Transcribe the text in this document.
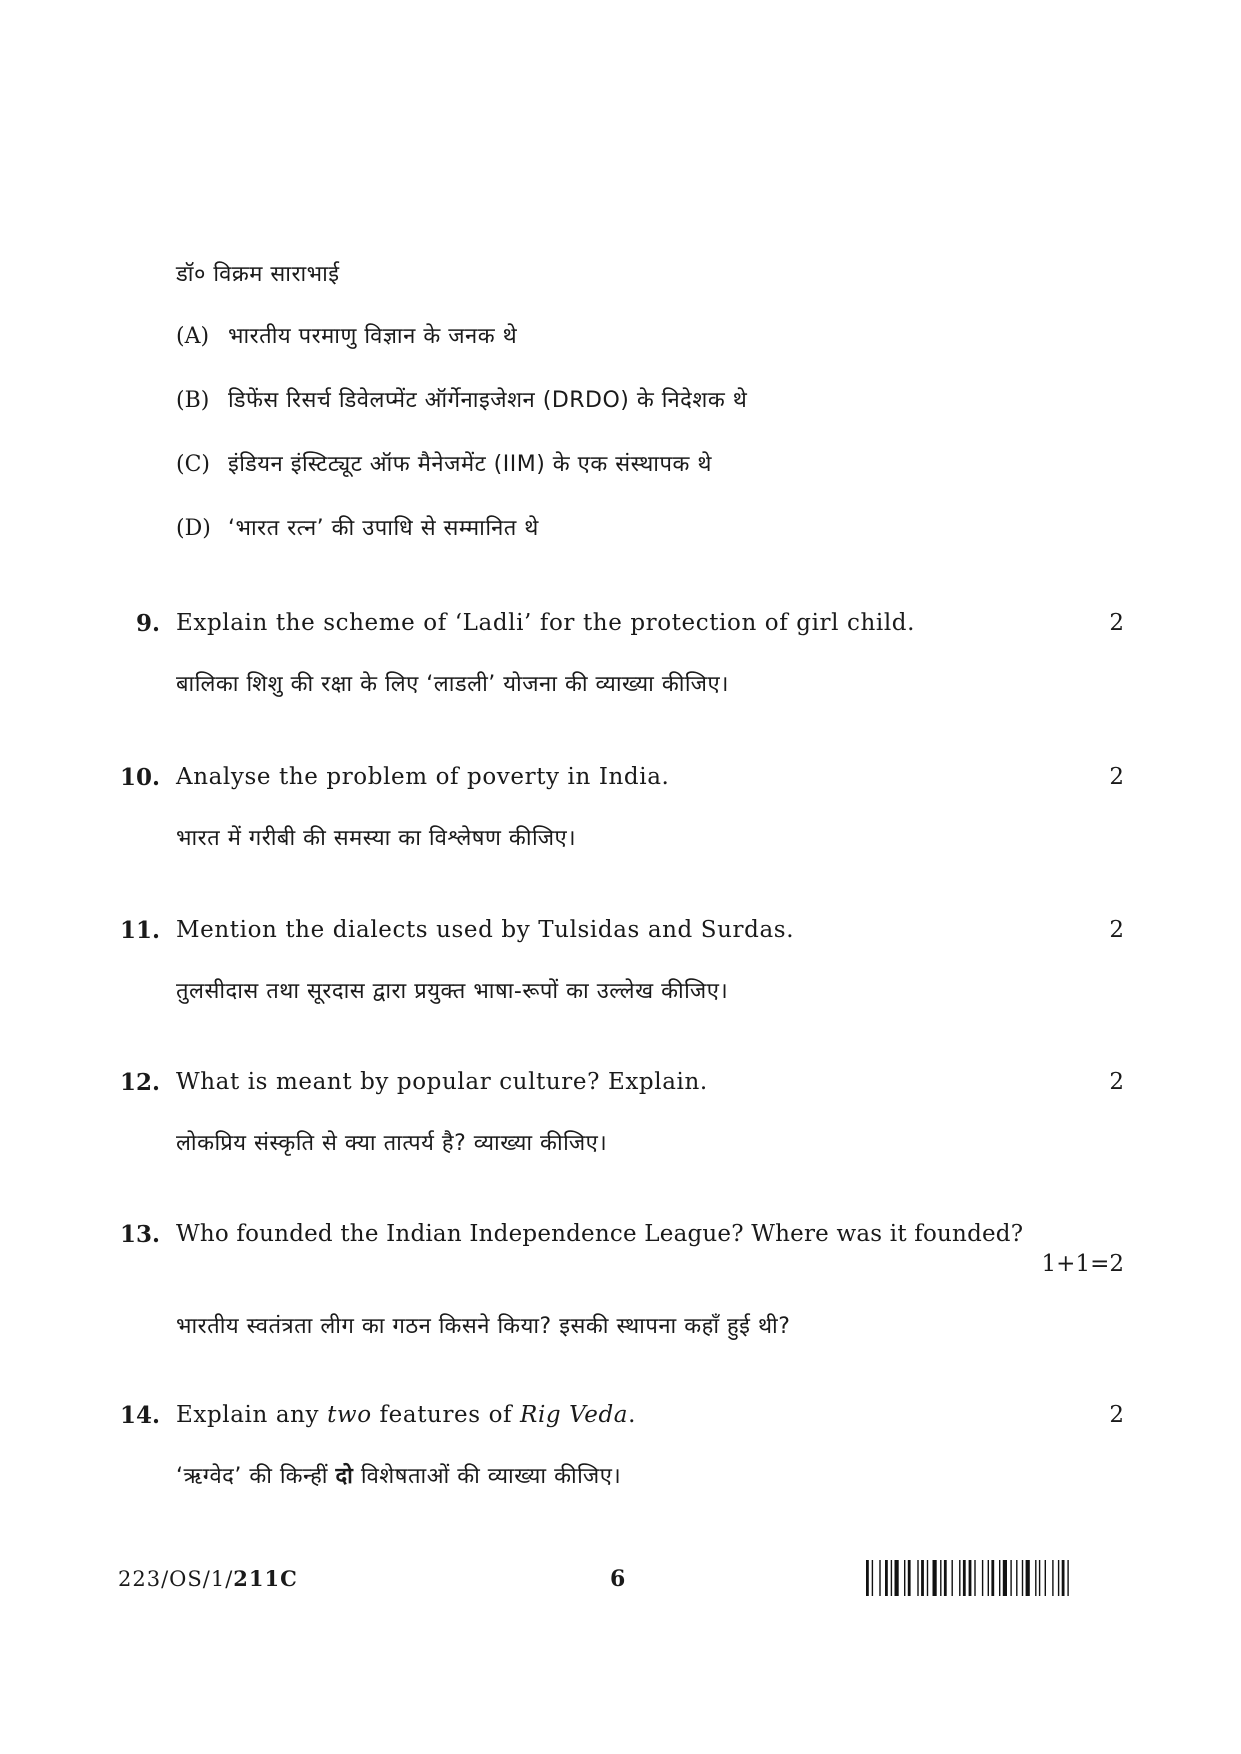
डॉ० विक्रम साराभाई
(A) भारतीय परमाणु विज्ञान के जनक थे
(B) डिफेंस रिसर्च डिवेलप्मेंट ऑर्गेनाइजेशन (DRDO) के निदेशक थे
(C) इंडियन इंस्टिट्यूट ऑफ मैनेजमेंट (IIM) के एक संस्थापक थे
(D) ‘भारत रत्न’ की उपाधि से सम्मानित थे
9. Explain the scheme of ‘Ladli’ for the protection of girl child.	2
बालिका शिशु की रक्षा के लिए ‘लाडली’ योजना की व्याख्या कीजिए।
10. Analyse the problem of poverty in India.	2
भारत में गरीबी की समस्या का विश्लेषण कीजिए।
11. Mention the dialects used by Tulsidas and Surdas.	2
तुलसीदास तथा सूरदास द्वारा प्रयुक्त भाषा-रूपों का उल्लेख कीजिए।
12. What is meant by popular culture? Explain.	2
लोकप्रिय संस्कृति से क्या तात्पर्य है? व्याख्या कीजिए।
13. Who founded the Indian Independence League? Where was it founded?
1+1=2
भारतीय स्वतंत्रता लीग का गठन किसने किया? इसकी स्थापना कहाँ हुई थी?
14. Explain any two features of Rig Veda.	2
‘ऋग्वेद’ की किन्हीं दो विशेषताओं की व्याख्या कीजिए।
223/OS/1/211C	6
